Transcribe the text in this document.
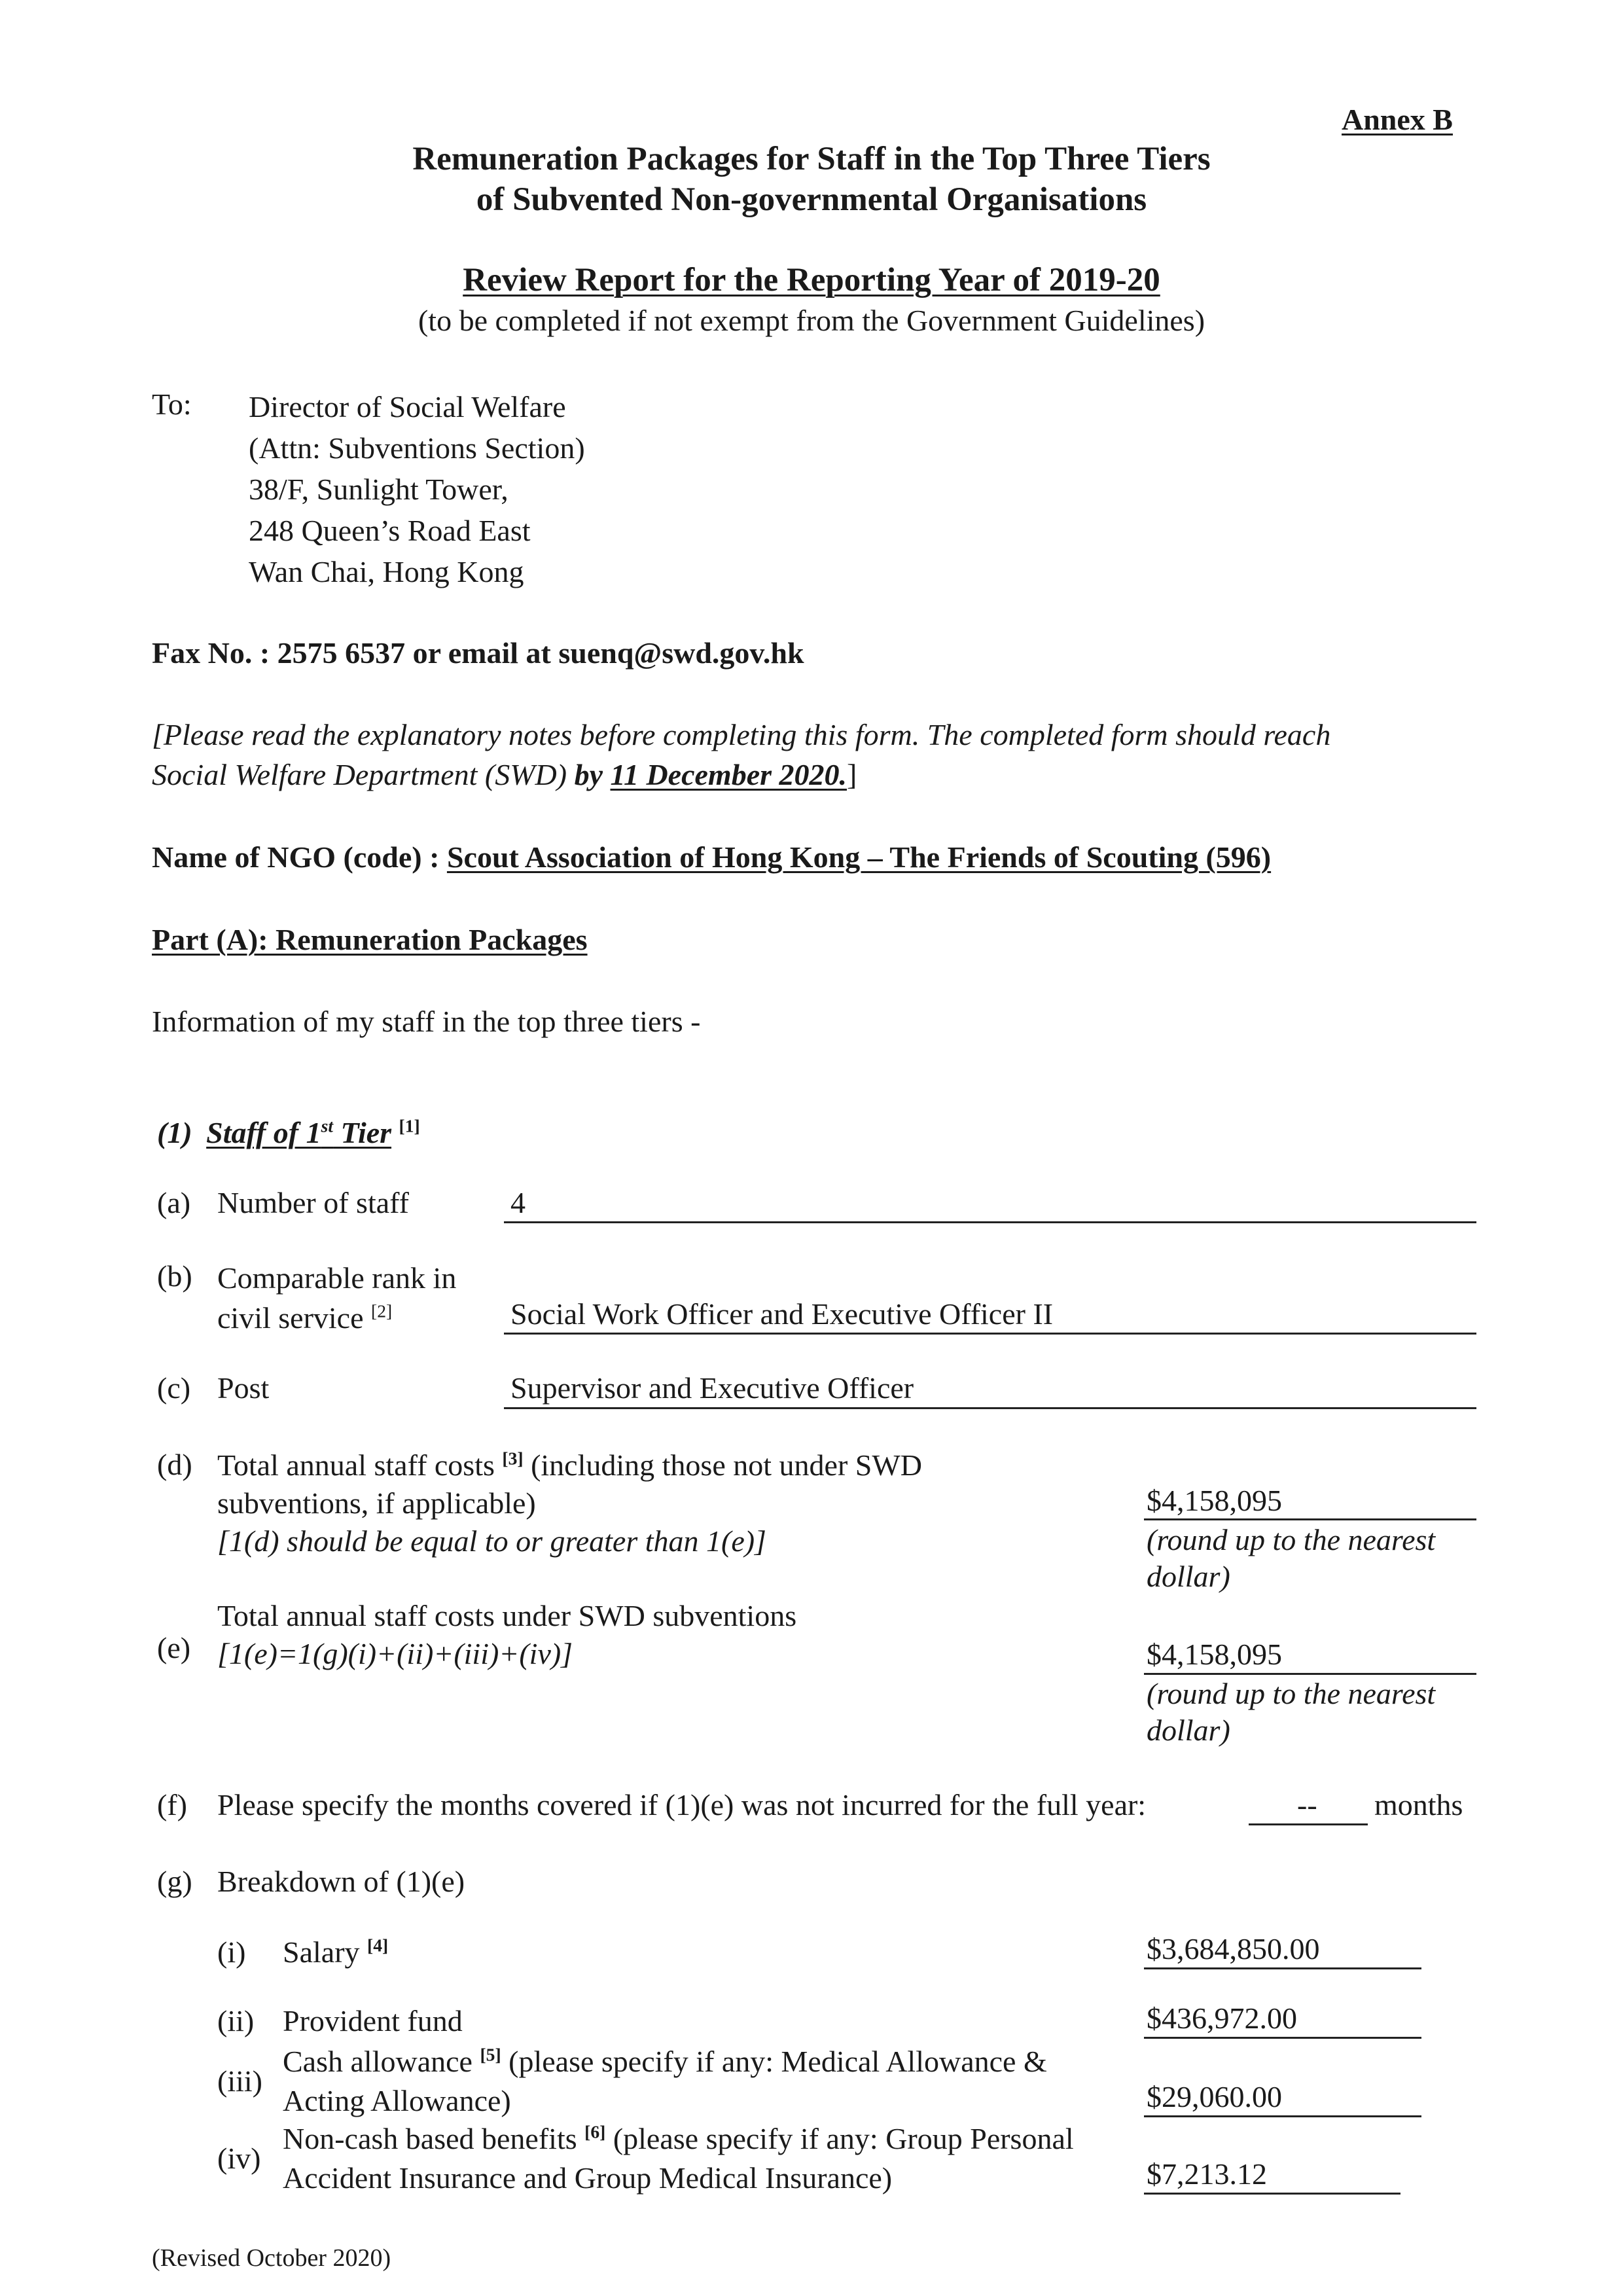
Annex B
Remuneration Packages for Staff in the Top Three Tiers
of Subvented Non-governmental Organisations
Review Report for the Reporting Year of 2019-20
(to be completed if not exempt from the Government Guidelines)
To: Director of Social Welfare
(Attn: Subventions Section)
38/F, Sunlight Tower,
248 Queen’s Road East
Wan Chai, Hong Kong
Fax No. : 2575 6537 or email at suenq@swd.gov.hk
[Please read the explanatory notes before completing this form. The completed form should reach
Social Welfare Department (SWD) by 11 December 2020.]
Name of NGO (code) : Scout Association of Hong Kong – The Friends of Scouting (596)
Part (A): Remuneration Packages
Information of my staff in the top three tiers -
(1) Staff of 1st Tier [1]
(a) Number of staff	4
(b) Comparable rank in
civil service [2]	Social Work Officer and Executive Officer II
(c) Post	Supervisor and Executive Officer
(d) Total annual staff costs [3] (including those not under SWD
subventions, if applicable)
[1(d) should be equal to or greater than 1(e)]
$4,158,095
(round up to the nearest
dollar)
(e)
Total annual staff costs under SWD subventions
[1(e)=1(g)(i)+(ii)+(iii)+(iv)]	$4,158,095
(round up to the nearest
dollar)
(f) Please specify the months covered if (1)(e) was not incurred for the full year:	-- months
(g) Breakdown of (1)(e)
(i) Salary [4]	$3,684,850.00
(ii) Provident fund	$436,972.00
(iii)
Cash allowance [5] (please specify if any: Medical Allowance &
Acting Allowance)	$29,060.00
(iv)
Non-cash based benefits [6] (please specify if any: Group Personal
Accident Insurance and Group Medical Insurance)	$7,213.12
(Revised October 2020)
